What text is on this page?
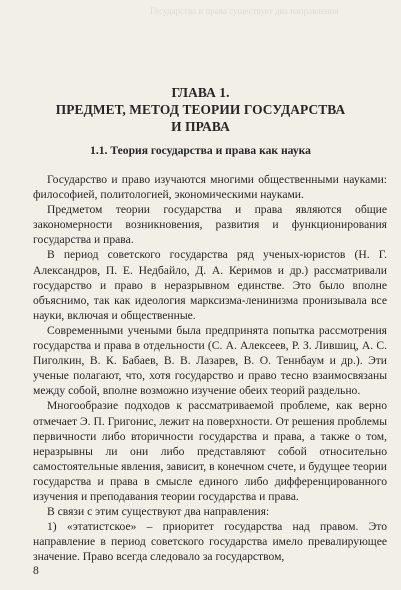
Государства и права существует двa направления
ГЛАВА 1.
ПРЕДМЕТ, МЕТОД ТЕОРИИ ГОСУДАРСТВА
И ПРАВА
1.1. Теория государства и права как наука

Государство и право изучаются многими общественными науками: философией, политологией, экономическими науками.

Предметом теории государства и права являются общие закономерности возникновения, развития и функционирования государства и права.

В период советского государства ряд ученых-юристов (Н. Г. Александров, П. Е. Недбайло, Д. А. Керимов и др.) рассматривали государство и право в неразрывном единстве. Это было вполне объяснимо, так как идеология марксизма-ленинизма пронизывала все науки, включая и общественные.

Современными учеными была предпринята попытка рассмотрения государства и права в отдельности (С. А. Алексеев, Р. З. Лившиц, А. С. Пиголкин, В. К. Бабаев, В. В. Лазарев, В. О. Теннбаум и др.). Эти ученые полагают, что, хотя государство и право тесно взаимосвязаны между собой, вполне возможно изучение обеих теорий раздельно.

Многообразие подходов к рассматриваемой проблеме, как верно отмечает Э. П. Григонис, лежит на поверхности. От решения проблемы первичности либо вторичности государства и права, а также о том, неразрывны ли они либо представляют собой относительно самостоятельные явления, зависит, в конечном счете, и будущее теории государства и права в смысле единого либо дифференцированного изучения и преподавания теории государства и права.

В связи с этим существуют два направления:

1) «этатистское» – приоритет государства над правом. Это направление в период советского государства имело превалирующее значение. Право всегда следовало за государством,

8
